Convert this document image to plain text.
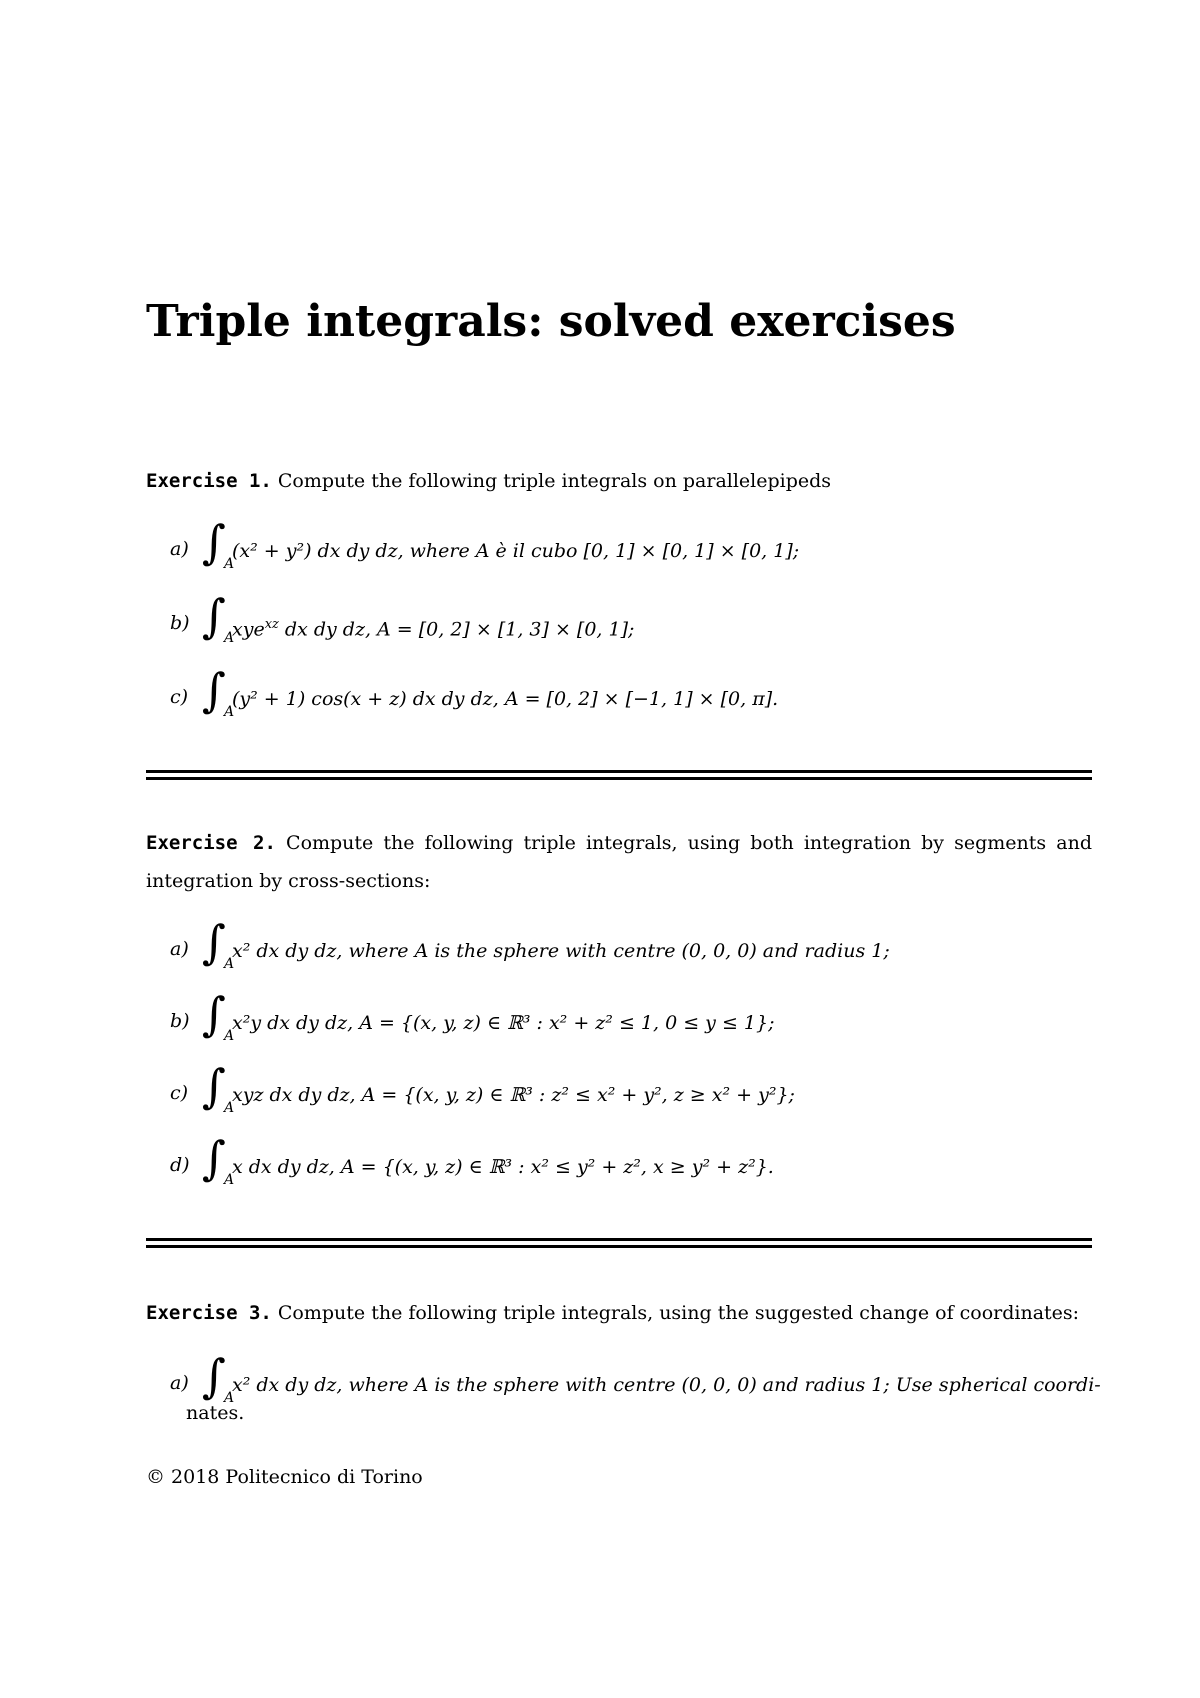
Triple integrals: solved exercises
Exercise 1. Compute the following triple integrals on parallelepipeds
a) ∫
A
(x² + y²) dx dy dz, where A è il cubo [0, 1] × [0, 1] × [0, 1];
b) ∫
A
xye$^{xz}$ dx dy dz, A = [0, 2] × [1, 3] × [0, 1];
c) ∫
A
(y² + 1) cos(x + z) dx dy dz, A = [0, 2] × [−1, 1] × [0, π].
Exercise 2. Compute the following triple integrals, using both integration by segments and integration by cross-sections:
a) ∫
A
x² dx dy dz, where A is the sphere with centre (0, 0, 0) and radius 1;
b) ∫
A
x²y dx dy dz, A = {(x, y, z) ∈ ℝ³ : x² + z² ≤ 1, 0 ≤ y ≤ 1};
c) ∫
A
xyz dx dy dz, A = {(x, y, z) ∈ ℝ³ : z² ≤ x² + y², z ≥ x² + y²};
d) ∫
A
x dx dy dz, A = {(x, y, z) ∈ ℝ³ : x² ≤ y² + z², x ≥ y² + z²}.
Exercise 3. Compute the following triple integrals, using the suggested change of coordinates:
a) ∫
A
x² dx dy dz, where A is the sphere with centre (0, 0, 0) and radius 1; Use spherical coordi-
nates.
© 2018 Politecnico di Torino
